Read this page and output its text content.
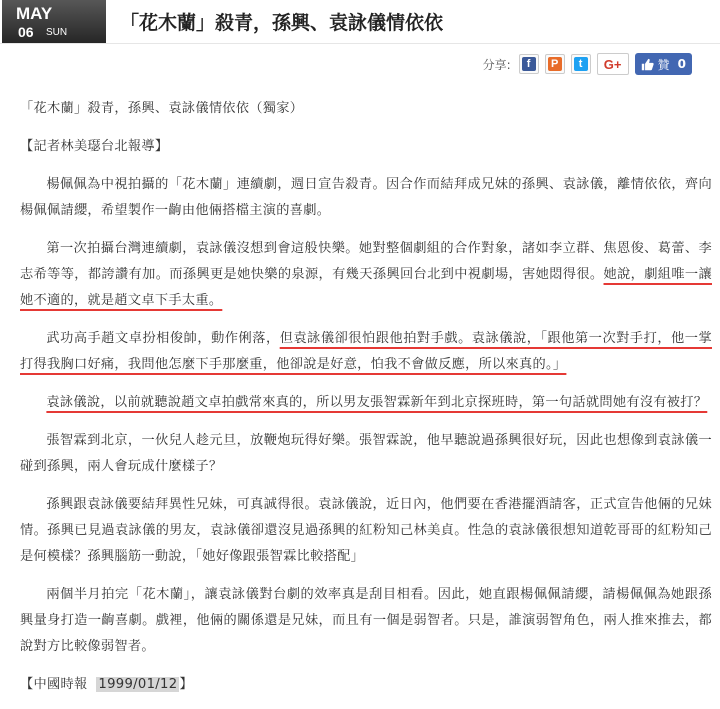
MAY
06 SUN	「花木蘭」殺青，孫興、袁詠儀情依依
分享:	f	P	t	G+	贊 0

「花木蘭」殺青，孫興、袁詠儀情依依（獨家）

【記者林美璱台北報導】

楊佩佩為中視拍攝的「花木蘭」連續劇，週日宣告殺青。因合作而結拜成兄妹的孫興、袁詠儀，離情依依，齊向楊佩佩請纓，希望製作一齣由他倆搭檔主演的喜劇。

第一次拍攝台灣連續劇，袁詠儀沒想到會這般快樂。她對整個劇組的合作對象，諸如李立群、焦恩俊、葛蕾、李志希等等，都誇讚有加。而孫興更是她快樂的泉源，有幾天孫興回台北到中視劇場，害她悶得很。她說，劇組唯一讓她不適的，就是趙文卓下手太重。

武功高手趙文卓扮相俊帥，動作俐落，但袁詠儀卻很怕跟他拍對手戲。袁詠儀說，「跟他第一次對手打，他一掌打得我胸口好痛，我問他怎麼下手那麼重，他卻說是好意，怕我不會做反應，所以來真的。」

袁詠儀說，以前就聽說趙文卓拍戲常來真的，所以男友張智霖新年到北京探班時，第一句話就問她有沒有被打？

張智霖到北京，一伙兒人趁元旦，放鞭炮玩得好樂。張智霖說，他早聽說過孫興很好玩，因此也想像到袁詠儀一碰到孫興，兩人會玩成什麼樣子？

孫興跟袁詠儀要結拜異性兄妹，可真誠得很。袁詠儀說，近日內，他們要在香港擺酒請客，正式宣告他倆的兄妹情。孫興已見過袁詠儀的男友，袁詠儀卻還沒見過孫興的紅粉知己林美貞。性急的袁詠儀很想知道乾哥哥的紅粉知己是何模樣？孫興腦筋一動說，「她好像跟張智霖比較搭配」

兩個半月拍完「花木蘭」，讓袁詠儀對台劇的效率真是刮目相看。因此，她直跟楊佩佩請纓，請楊佩佩為她跟孫興量身打造一齣喜劇。戲裡，他倆的關係還是兄妹，而且有一個是弱智者。只是，誰演弱智角色，兩人推來推去，都說對方比較像弱智者。

【中國時報 1999/01/12 】
